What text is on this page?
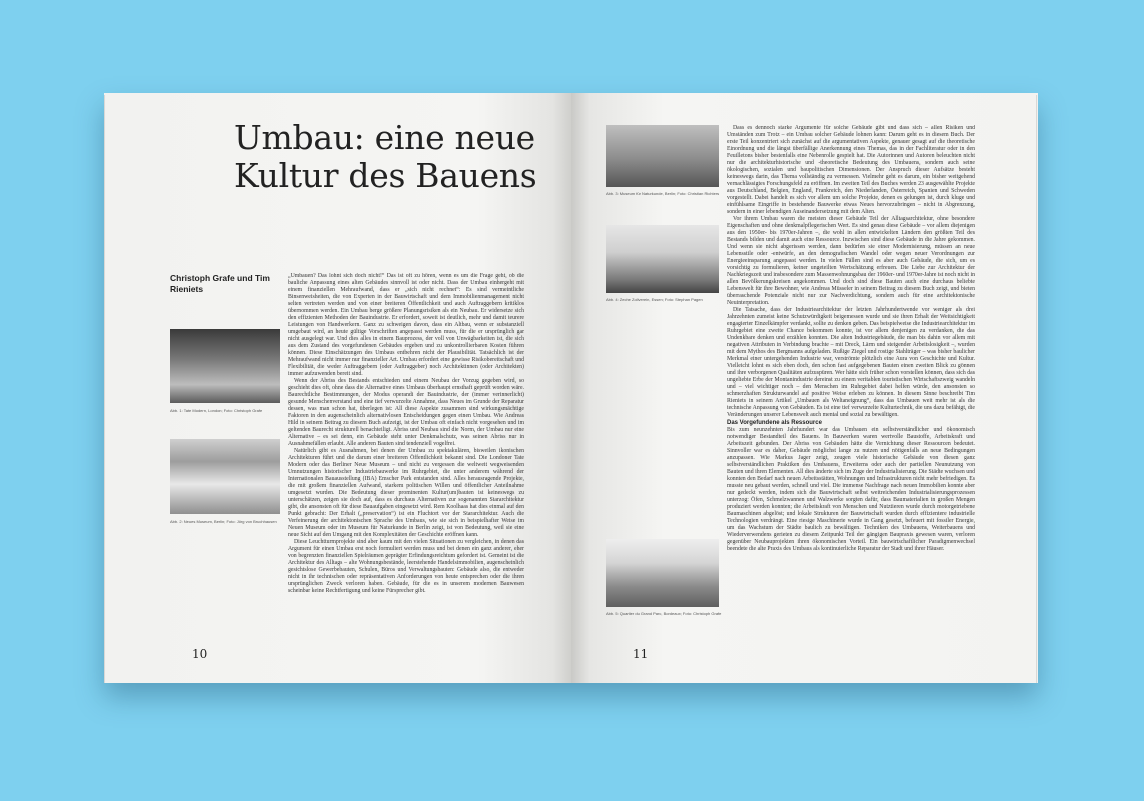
Umbau: eine neue Kultur des Bauens
Christoph Grafe und Tim Rieniets
Abb. 1: Tate Modern, London; Foto: Christoph Grafe
Abb. 2: Neues Museum, Berlin; Foto: Jörg von Bruchhausen

„Umbauen? Das lohnt sich doch nicht!“ Das ist oft zu hören, wenn es um die Frage geht, ob die bauliche Anpassung eines alten Gebäudes sinnvoll ist oder nicht. Dass der Umbau einhergeht mit einem finanziellen Mehraufwand, dass er „sich nicht rechnet“: Es sind vermeintliche Binsenweisheiten, die von Experten in der Bauwirtschaft und dem Immobilienmanagement nicht selten vertreten werden und von einer breiteren Öffentlichkeit und auch Auftraggebern kritiklos übernommen werden. Ein Umbau berge größere Planungsrisiken als ein Neubau. Er widersetze sich den effizienten Methoden der Bauindustrie. Er erfordert, soweit ist deutlich, mehr und damit teurere Leistungen von Handwerkern. Ganz zu schweigen davon, dass ein Altbau, wenn er substanziell umgebaut wird, an heute gültige Vorschriften angepasst werden muss, für die er ursprünglich gar nicht ausgelegt war. Und dies alles in einem Bauprozess, der voll von Unwägbarkeiten ist, die sich aus dem Zustand des vorgefundenen Gebäudes ergeben und zu unkontrollierbaren Kosten führen können. Diese Einschätzungen des Umbaus entbehren nicht der Plausibilität. Tatsächlich ist der Mehraufwand nicht immer nur finanzieller Art. Umbau erfordert eine gewisse Risikobereitschaft und Flexibilität, die weder Auftraggebern (oder Auftraggeber) noch Architektinnen (oder Architekten) immer aufzuwenden bereit sind.

Wenn der Abriss des Bestands entschieden und einem Neubau der Vorzug gegeben wird, so geschieht dies oft, ohne dass die Alternative eines Umbaus überhaupt ernsthaft geprüft worden wäre. Baurechtliche Bestimmungen, der Modus operandi der Bauindustrie, der (immer verinnerlicht) gesunde Menschenverstand und eine tief verwurzelte Annahme, dass Neues im Grunde der Reparatur dessen, was man schon hat, überlegen ist: All diese Aspekte zusammen sind wirkungsmächtige Faktoren in den augenscheinlich alternativlosen Entscheidungen gegen einen Umbau. Wie Andreas Hild in seinem Beitrag zu diesem Buch aufzeigt, ist der Umbau oft einfach nicht vorgesehen und im geltenden Baurecht strukturell benachteiligt. Abriss und Neubau sind die Norm, der Umbau nur eine Alternative – es sei denn, ein Gebäude steht unter Denkmalschutz, was seinen Abriss nur in Ausnahmefällen erlaubt. Alle anderen Bauten sind tendenziell vogelfrei.

Natürlich gibt es Ausnahmen, bei denen der Umbau zu spektakulären, bisweilen ikonischen Architekturen führt und die darum einer breiteren Öffentlichkeit bekannt sind. Die Londoner Tate Modern oder das Berliner Neue Museum – und nicht zu vergessen die weltweit wegweisenden Umnutzungen historischer Industriebauwerke im Ruhrgebiet, die unter anderem während der Internationalen Bauausstellung (IBA) Emscher Park entstanden sind. Alles herausragende Projekte, die mit großem finanziellen Aufwand, starkem politischen Willen und öffentlicher Anteilnahme umgesetzt wurden. Die Bedeutung dieser prominenten Kultur(um)bauten ist keineswegs zu unterschätzen, zeigen sie doch auf, dass es durchaus Alternativen zur sogenannten Stararchitektur gibt, die ansonsten oft für diese Bauaufgaben eingesetzt wird. Rem Koolhaas hat dies einmal auf den Punkt gebracht: Der Erhalt („preservation“) ist ein Fluchtort vor der Stararchitektur. Auch die Verfeinerung der architektonischen Sprache des Umbaus, wie sie sich in beispielhafter Weise im Neuen Museum oder im Museum für Naturkunde in Berlin zeigt, ist von Bedeutung, weil sie eine neue Sicht auf den Umgang mit den Komplexitäten der Geschichte eröffnen kann.

Diese Leuchtturmprojekte sind aber kaum mit den vielen Situationen zu vergleichen, in denen das Argument für einen Umbau erst noch formuliert werden muss und bei denen ein ganz anderer, eher von begrenzten finanziellen Spielräumen geprägter Erfindungsreichtum gefordert ist. Gemeint ist die Architektur des Alltags – alte Wohnungsbestände, leerstehende Handelsimmobilien, augenscheinlich gesichtslose Gewerbebauten, Schulen, Büros und Verwaltungsbauten: Gebäude also, die entweder nicht in ihr technischen oder repräsentativen Anforderungen von heute entsprechen oder die ihren ursprünglichen Zweck verloren haben. Gebäude, für die es in unserem modernen Bauwesen scheinbar keine Rechtfertigung und keine Fürsprecher gibt.

10
Abb. 3: Museum für Naturkunde, Berlin; Foto: Christian Richters
Abb. 4: Zeche Zollverein, Essen; Foto: Stephan Pagen
Abb. 5: Quartier du Grand Parc, Bordeaux; Foto: Christoph Grafe

Dass es dennoch starke Argumente für solche Gebäude gibt und dass sich – allen Risiken und Umständen zum Trotz – ein Umbau solcher Gebäude lohnen kann: Darum geht es in diesem Buch. Der erste Teil konzentriert sich zunächst auf die argumentativen Aspekte, genauer gesagt auf die theoretische Einordnung und die längst überfällige Anerkennung eines Themas, das in der Fachliteratur oder in den Feuilletons bisher bestenfalls eine Nebenrolle gespielt hat. Die Autorinnen und Autoren beleuchten nicht nur die architekturhistorische und -theoretische Bedeutung des Umbauens, sondern auch seine ökologischen, sozialen und baupolitischen Dimensionen. Der Anspruch dieser Aufsätze besteht keineswegs darin, das Thema vollständig zu vermessen. Vielmehr geht es darum, ein bisher weitgehend vernachlässigtes Forschungsfeld zu eröffnen. Im zweiten Teil des Buches werden 23 ausgewählte Projekte aus Deutschland, Belgien, England, Frankreich, den Niederlanden, Österreich, Spanien und Schweden vorgestellt. Dabei handelt es sich vor allem um solche Projekte, denen es gelungen ist, durch kluge und einfühlsame Eingriffe in bestehende Bauwerke etwas Neues hervorzubringen – nicht in Abgrenzung, sondern in einer lebendigen Auseinandersetzung mit dem Alten.

Vor ihrem Umbau waren die meisten dieser Gebäude Teil der Alltagsarchitektur, ohne besondere Eigenschaften und ohne denkmalpflegerischen Wert. Es sind genau diese Gebäude – vor allem diejenigen aus den 1950er- bis 1970er-Jahren –, die wohl in allen entwickelten Ländern den größten Teil des Bestands bilden und damit auch eine Ressource. Inzwischen sind diese Gebäude in die Jahre gekommen. Und wenn sie nicht abgerissen werden, dann bedürfen sie einer Modernisierung, müssen an neue Lebensstile oder -entwürfe, an den demografischen Wandel oder wegen neuer Verordnungen zur Energieeinsparung angepasst werden. In vielen Fällen sind es aber auch Gebäude, die sich, um es vorsichtig zu formulieren, keiner ungeteilten Wertschätzung erfreuen. Die Liebe zur Architektur der Nachkriegszeit und insbesondere zum Massenwohnungsbau der 1960er- und 1970er-Jahre ist noch nicht in allen Bevölkerungskreisen angekommen. Und doch sind diese Bauten auch eine durchaus beliebte Lebenswelt für ihre Bewohner, wie Andreas Müsseler in seinem Beitrag zu diesem Buch zeigt, und bieten überraschende Potenziale nicht nur zur Nachverdichtung, sondern auch für eine architektonische Neuinterpretation.

Die Tatsache, dass der Industriearchitektur der letzten Jahrhundertwende vor weniger als drei Jahrzehnten zumeist keine Schutzwürdigkeit beigemessen wurde und sie ihren Erhalt der Weitsichtigkeit engagierter Einzelkämpfer verdankt, sollte zu denken geben. Das beispielweise die Industriearchitektur im Ruhrgebiet eine zweite Chance bekommen konnte, ist vor allem denjenigen zu verdanken, die das Undenkbare denken und erzählen konnten. Die alten Industriegebäude, die man bis dahin vor allem mit negativen Attributen in Verbindung brachte – mit Dreck, Lärm und steigender Arbeitslosigkeit –, wurden mit dem Mythos des Bergmanns aufgeladen. Rußige Ziegel und rostige Stahlträger – was bisher baulicher Merkmal einer untergehenden Industrie war, verströmte plötzlich eine Aura von Geschichte und Kultur. Vielleicht lohnt es sich eben doch, den schon fast aufgegebenen Bauten einen zweiten Blick zu gönnen und ihre verborgenen Qualitäten aufzuspüren. Wer hätte sich früher schon vorstellen können, dass sich das ungeliebte Erbe der Montanindustrie dereinst zu einem veritablen touristischen Wirtschaftszweig wandeln und – viel wichtiger noch – den Menschen im Ruhrgebiet dabei helfen würde, den ansonsten so schmerzhaften Strukturwandel auf positive Weise erleben zu können. In diesem Sinne beschreibt Tim Rieniets in seinem Artikel „Umbauen als Weltaneignung“, dass das Umbauen weit mehr ist als die technische Anpassung von Gebäuden. Es ist eine tief verwurzelte Kulturtechnik, die uns dazu befähigt, die Veränderungen unserer Lebenswelt auch mental und sozial zu bewältigen.

Das Vorgefundene als Ressource

Bis zum neunzehnten Jahrhundert war das Umbauen ein selbstverständlicher und ökonomisch notwendiger Bestandteil des Bauens. In Bauwerken waren wertvolle Baustoffe, Arbeitskraft und Arbeitszeit gebunden. Der Abriss von Gebäuden hätte die Vernichtung dieser Ressourcen bedeutet. Sinnvoller war es daher, Gebäude möglichst lange zu nutzen und nötigenfalls an neue Bedingungen anzupassen. Wie Markus Jager zeigt, zeugen viele historische Gebäude von diesen ganz selbstverständlichen Praktiken des Umbauens, Erweiterns oder auch der partiellen Neunutzung von Bauten und ihren Elementen. All dies änderte sich im Zuge der Industrialisierung. Die Städte wuchsen und konnten den Bedarf nach neuen Arbeitsstätten, Wohnungen und Infrastrukturen nicht mehr befriedigen. Es musste neu gebaut werden, schnell und viel. Die immense Nachfrage nach neuen Immobilien konnte aber nur gedeckt werden, indem sich die Bauwirtschaft selbst weitreichenden Industrialisierungsprozessen unterzog: Öfen, Schmelzwannen und Walzwerke sorgten dafür, dass Baumaterialien in großen Mengen produziert werden konnten; die Arbeitskraft von Menschen und Nutztieren wurde durch motorgetriebene Baumaschinen abgelöst; und lokale Strukturen der Bauwirtschaft wurden durch effizientere industrielle Technologien verdrängt. Eine riesige Maschinerie wurde in Gang gesetzt, befeuert mit fossiler Energie, um das Wachstum der Städte baulich zu bewältigen. Techniken des Umbauens, Weiterbauens und Wiederverwendens gerieten zu diesem Zeitpunkt Teil der gängigen Baupraxis gewesen waren, verloren gegenüber Neubauprojekten ihren ökonomischen Vorteil. Ein bauwirtschaftlicher Paradigmenwechsel beendete die alte Praxis des Umbaus als kontinuierliche Reparatur der Stadt und ihrer Häuser.

11
